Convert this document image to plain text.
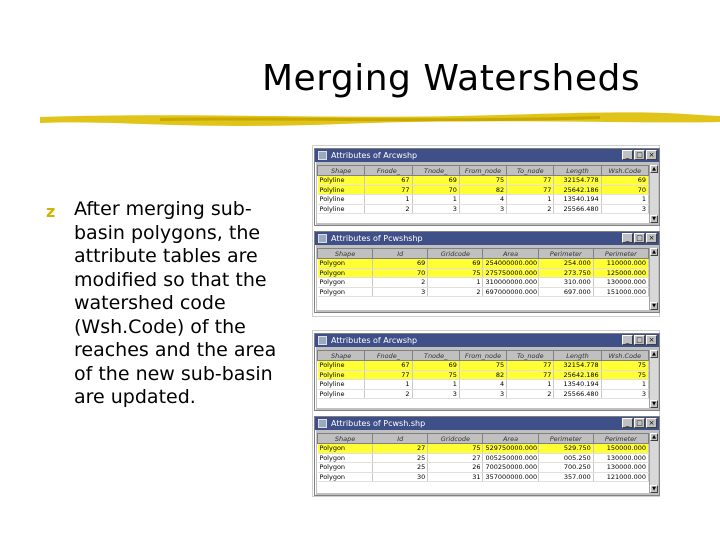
Merging Watersheds
z After merging sub-basin polygons, the attribute tables are modified so that the watershed code (Wsh.Code) of the reaches and the area of the new sub-basin are updated.
Attributes of Arcwshp	_ □ ×
Shape	Fnode_	Tnode_	From_node	To_node	Length	Wsh.Code
Polyline	67	69	75	77	32154.778	69
Polyline	77	70	82	77	25642.186	70
Polyline	1	1	4	1	13540.194	1
Polyline	2	3	3	2	25566.480	3
▲
▼
Attributes of Pcwshshp	_ □ ×
Shape	Id	Gridcode	Area	Perimeter	Perimeter
Polygon	69	69	254000000.000	254.000	110000.000
Polygon	70	75	275750000.000	273.750	125000.000
Polygon	2	1	310000000.000	310.000	130000.000
Polygon	3	2	697000000.000	697.000	151000.000
▲
▼
Attributes of Arcwshp	_ □ ×
Shape	Fnode_	Tnode_	From_node	To_node	Length	Wsh.Code
Polyline	67	69	75	77	32154.778	75
Polyline	77	75	82	77	25642.186	75
Polyline	1	1	4	1	13540.194	1
Polyline	2	3	3	2	25566.480	3
▲
▼
Attributes of Pcwsh.shp	_ □ ×
Shape	Id	Gridcode	Area	Perimeter	Perimeter
Polygon	27	75	529750000.000	529.750	150000.000
Polygon	25	27	005250000.000	005.250	130000.000
Polygon	25	26	700250000.000	700.250	130000.000
Polygon	30	31	357000000.000	357.000	121000.000
▲
▼
